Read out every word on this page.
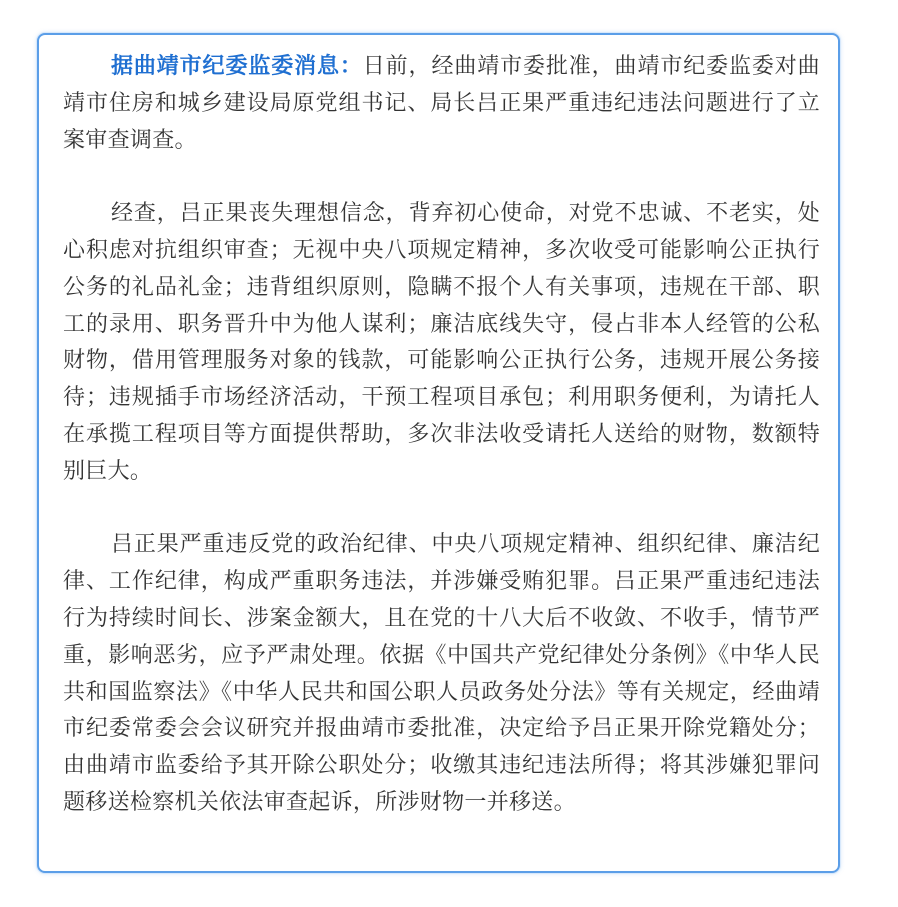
据曲靖市纪委监委消息：日前，经曲靖市委批准，曲靖市纪委监委对曲靖市住房和城乡建设局原党组书记、局长吕正果严重违纪违法问题进行了立案审查调查。

经查，吕正果丧失理想信念，背弃初心使命，对党不忠诚、不老实，处心积虑对抗组织审查；无视中央八项规定精神，多次收受可能影响公正执行公务的礼品礼金；违背组织原则，隐瞒不报个人有关事项，违规在干部、职工的录用、职务晋升中为他人谋利；廉洁底线失守，侵占非本人经管的公私财物，借用管理服务对象的钱款，可能影响公正执行公务，违规开展公务接待；违规插手市场经济活动，干预工程项目承包；利用职务便利，为请托人在承揽工程项目等方面提供帮助，多次非法收受请托人送给的财物，数额特别巨大。

吕正果严重违反党的政治纪律、中央八项规定精神、组织纪律、廉洁纪律、工作纪律，构成严重职务违法，并涉嫌受贿犯罪。吕正果严重违纪违法行为持续时间长、涉案金额大，且在党的十八大后不收敛、不收手，情节严重，影响恶劣，应予严肃处理。依据《中国共产党纪律处分条例》《中华人民共和国监察法》《中华人民共和国公职人员政务处分法》等有关规定，经曲靖市纪委常委会会议研究并报曲靖市委批准，决定给予吕正果开除党籍处分；由曲靖市监委给予其开除公职处分；收缴其违纪违法所得；将其涉嫌犯罪问题移送检察机关依法审查起诉，所涉财物一并移送。
